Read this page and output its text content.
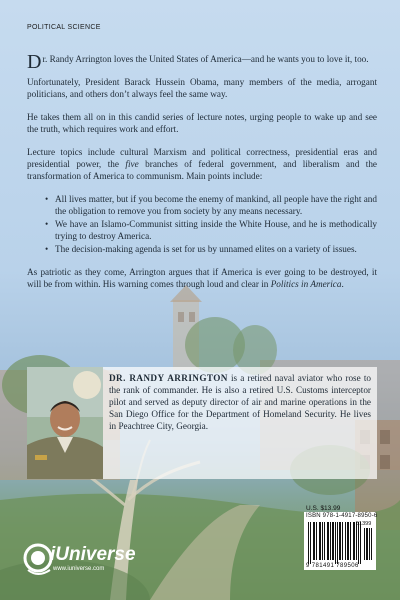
POLITICAL SCIENCE

Dr. Randy Arrington loves the United States of America—and he wants you to love it, too.

Unfortunately, President Barack Hussein Obama, many members of the media, arrogant politicians, and others don’t always feel the same way.

He takes them all on in this candid series of lecture notes, urging people to wake up and see the truth, which requires work and effort.

Lecture topics include cultural Marxism and political correctness, presidential eras and presidential power, the five branches of federal government, and liberalism and the transformation of America to communism. Main points include:

• All lives matter, but if you become the enemy of mankind, all people have the right and the obligation to remove you from society by any means necessary.
• We have an Islamo-Communist sitting inside the White House, and he is methodically trying to destroy America.
• The decision-making agenda is set for us by unnamed elites on a variety of issues.

As patriotic as they come, Arrington argues that if America is ever going to be destroyed, it will be from within. His warning comes through loud and clear in Politics in America.

DR. RANDY ARRINGTON is a retired naval aviator who rose to the rank of commander. He is also a retired U.S. Customs interceptor pilot and served as deputy director of air and marine operations in the San Diego Office for the Department of Homeland Security. He lives in Peachtree City, Georgia.
U.S. $13.99
ISBN 978-1-4917-8950-6
9 781491 789506
51399
iUniverse
www.iuniverse.com
